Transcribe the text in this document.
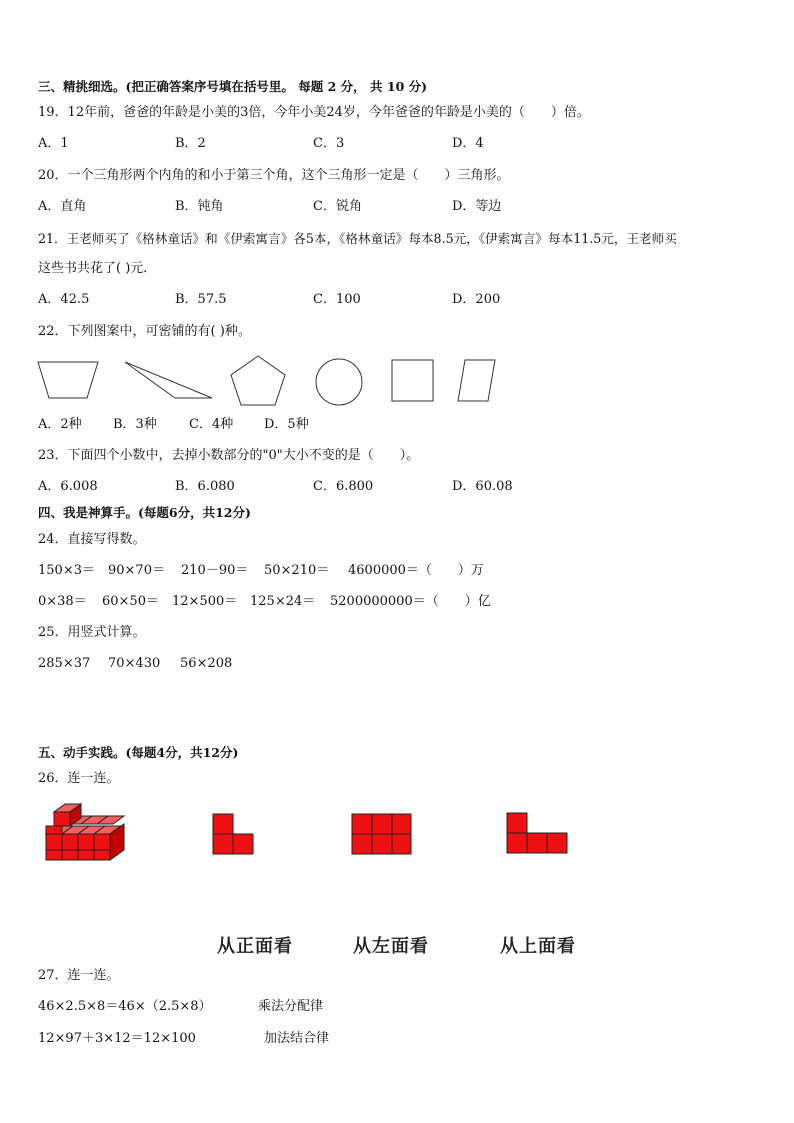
三、精挑细选。(把正确答案序号填在括号里。 每题 2 分， 共 10 分)
19．12年前，爸爸的年龄是小美的3倍，今年小美24岁，今年爸爸的年龄是小美的（　　）倍。
A．1	B．2	C．3	D．4
20．一个三角形两个内角的和小于第三个角，这个三角形一定是（　　）三角形。
A．直角	B．钝角	C．锐角	D．等边
21．王老师买了《格林童话》和《伊索寓言》各5本，《格林童话》每本8.5元，《伊索寓言》每本11.5元，王老师买
这些书共花了( )元．
A．42.5	B．57.5	C．100	D．200
22．下列图案中，可密铺的有( )种。
A．2种 B．3种 C．4种 D．5种
23．下面四个小数中，去掉小数部分的"0"大小不变的是（　　）。
A．6.008	B．6.080	C．6.800	D．60.08
四、我是神算手。(每题6分，共12分)
24．直接写得数。
150×3＝ 90×70＝ 210－90＝ 50×210＝ 4600000＝（　　）万
0×38＝ 60×50＝ 12×500＝ 125×24＝ 5200000000＝（　　）亿
25．用竖式计算。
285×37 70×430 56×208
五、动手实践。(每题4分，共12分)
26．连一连。
从正面看	从左面看	从上面看
27．连一连。
46×2.5×8＝46×（2.5×8）	乘法分配律
12×97＋3×12＝12×100	加法结合律
